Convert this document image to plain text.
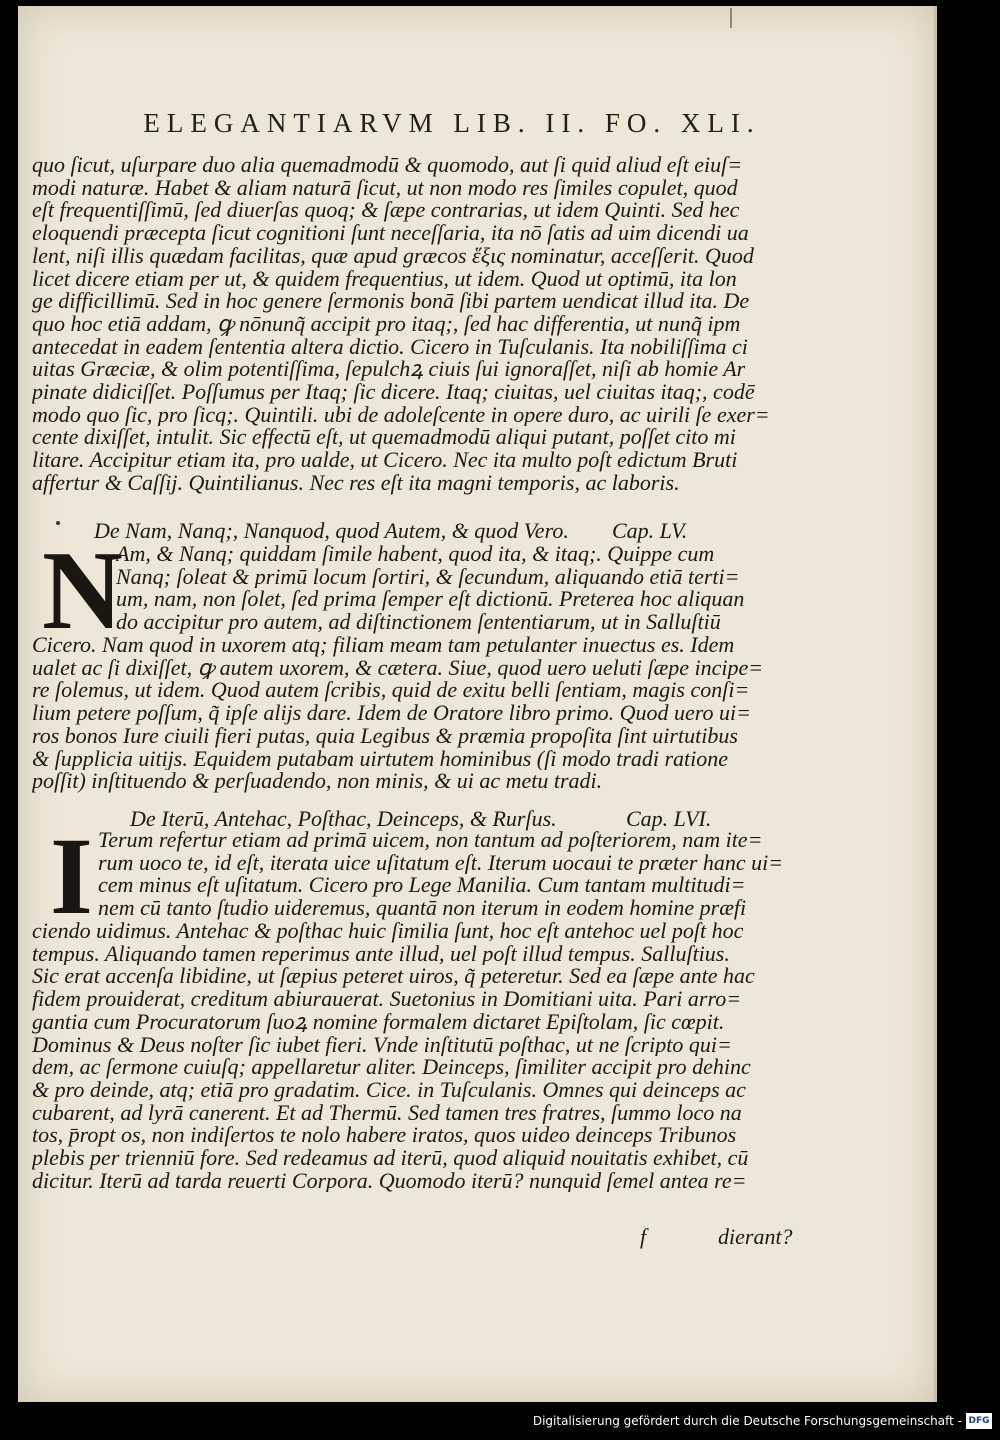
ELEGANTIARVM LIB. II. FO. XLI.
quo ſicut, uſurpare duo alia quemadmodū & quomodo, aut ſi quid aliud eſt eiuſ=
modi naturæ. Habet & aliam naturā ſicut, ut non modo res ſimiles copulet, quod
eſt frequentiſſimū, ſed diuerſas quoq; & ſæpe contrarias, ut idem Quinti. Sed hec
eloquendi præcepta ſicut cognitioni ſunt neceſſaria, ita nō ſatis ad uim dicendi ua
lent, niſi illis quædam facilitas, quæ apud græcos ἕξις nominatur, acceſſerit. Quod
licet dicere etiam per ut, & quidem frequentius, ut idem. Quod ut optimū, ita lon
ge difficillimū. Sed in hoc genere ſermonis bonā ſibi partem uendicat illud ita. De
quo hoc etiā addam, ꝙ nōnunq̃ accipit pro itaq;, ſed hac differentia, ut nunq̃ ipm
antecedat in eadem ſententia altera dictio. Cicero in Tuſculanis. Ita nobiliſſima ci
uitas Græciæ, & olim potentiſſima, ſepulchꝝ ciuis ſui ignoraſſet, niſi ab homie Ar
pinate didiciſſet. Poſſumus per Itaq; ſic dicere. Itaq; ciuitas, uel ciuitas itaq;, codē
modo quo ſic, pro ſicq;. Quintili. ubi de adoleſcente in opere duro, ac uirili ſe exer=
cente dixiſſet, intulit. Sic effectū eſt, ut quemadmodū aliqui putant, poſſet cito mi
litare. Accipitur etiam ita, pro ualde, ut Cicero. Nec ita multo poſt edictum Bruti
affertur & Caſſij. Quintilianus. Nec res eſt ita magni temporis, ac laboris.
De Nam, Nanq;, Nanquod, quod Autem, & quod Vero. Cap. LV.
N
Am, & Nanq; quiddam ſimile habent, quod ita, & itaq;. Quippe cum
Nanq; ſoleat & primū locum ſortiri, & ſecundum, aliquando etiā terti=
um, nam, non ſolet, ſed prima ſemper eſt dictionū. Preterea hoc aliquan
do accipitur pro autem, ad diſtinctionem ſententiarum, ut in Salluſtiū
Cicero. Nam quod in uxorem atq; filiam meam tam petulanter inuectus es. Idem
ualet ac ſi dixiſſet, ꝙ autem uxorem, & cætera. Siue, quod uero ueluti ſæpe incipe=
re ſolemus, ut idem. Quod autem ſcribis, quid de exitu belli ſentiam, magis conſi=
lium petere poſſum, q̃ ipſe alijs dare. Idem de Oratore libro primo. Quod uero ui=
ros bonos Iure ciuili fieri putas, quia Legibus & præmia propoſita ſint uirtutibus
& ſupplicia uitijs. Equidem putabam uirtutem hominibus (ſi modo tradi ratione
poſſit) inſtituendo & perſuadendo, non minis, & ui ac metu tradi.
De Iterū, Antehac, Poſthac, Deinceps, & Rurſus.	Cap. LVI.
I Terum refertur etiam ad primā uicem, non tantum ad poſteriorem, nam ite=
rum uoco te, id eſt, iterata uice uſitatum eſt. Iterum uocaui te præter hanc ui=
cem minus eſt uſitatum. Cicero pro Lege Manilia. Cum tantam multitudi=
nem cū tanto ſtudio uideremus, quantā non iterum in eodem homine præfi
ciendo uidimus. Antehac & poſthac huic ſimilia ſunt, hoc eſt antehoc uel poſt hoc
tempus. Aliquando tamen reperimus ante illud, uel poſt illud tempus. Salluſtius.
Sic erat accenſa libidine, ut ſæpius peteret uiros, q̃ peteretur. Sed ea ſæpe ante hac
fidem prouiderat, creditum abiurauerat. Suetonius in Domitiani uita. Pari arro=
gantia cum Procuratorum ſuoꝝ nomine formalem dictaret Epiſtolam, ſic cœpit.
Dominus & Deus noſter ſic iubet fieri. Vnde inſtitutū poſthac, ut ne ſcripto qui=
dem, ac ſermone cuiuſq; appellaretur aliter. Deinceps, ſimiliter accipit pro dehinc
& pro deinde, atq; etiā pro gradatim. Cice. in Tuſculanis. Omnes qui deinceps ac
cubarent, ad lyrā canerent. Et ad Thermū. Sed tamen tres fratres, ſummo loco na
tos, p̄ropt os, non indiſertos te nolo habere iratos, quos uideo deinceps Tribunos
plebis per trienniū fore. Sed redeamus ad iterū, quod aliquid nouitatis exhibet, cū
dicitur. Iterū ad tarda reuerti Corpora. Quomodo iterū? nunquid ſemel antea re=
f	dierant?
Digitalisierung gefördert durch die Deutsche Forschungsgemeinschaft - DFG
